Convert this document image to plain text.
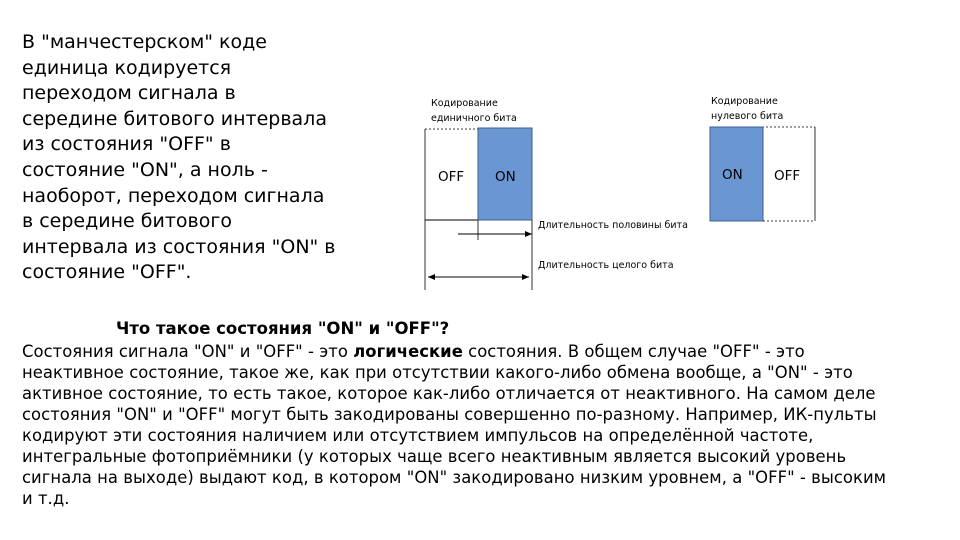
В "манчестерском" коде единица кодируется переходом сигнала в середине битового интервала из состояния "OFF" в состояние "ON", а ноль - наоборот, переходом сигнала в середине битового интервала из состояния "ON" в состояние "OFF".

Кодирование
единичного бита
Кодирование
нулевого бита
OFF ON	ON OFF
Длительность половины бита
Длительность целого бита

Что такое состояния "ON" и "OFF"?

Состояния сигнала "ON" и "OFF" - это логические состояния. В общем случае "OFF" - это неактивное состояние, такое же, как при отсутствии какого-либо обмена вообще, а "ON" - это активное состояние, то есть такое, которое как-либо отличается от неактивного. На самом деле состояния "ON" и "OFF" могут быть закодированы совершенно по-разному. Например, ИК-пульты кодируют эти состояния наличием или отсутствием импульсов на определённой частоте, интегральные фотоприёмники (у которых чаще всего неактивным является высокий уровень сигнала на выходе) выдают код, в котором "ON" закодировано низким уровнем, а "OFF" - высоким и т.д.
